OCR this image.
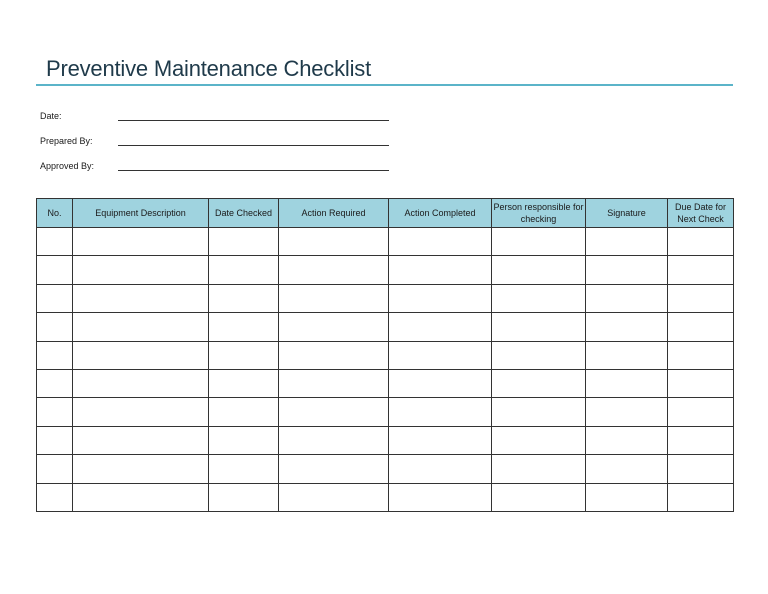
Preventive Maintenance Checklist
Date:
Prepared By:
Approved By:
No.	Equipment Description	Date Checked	Action Required	Action Completed	Person responsible for checking	Signature	Due Date for Next Check
